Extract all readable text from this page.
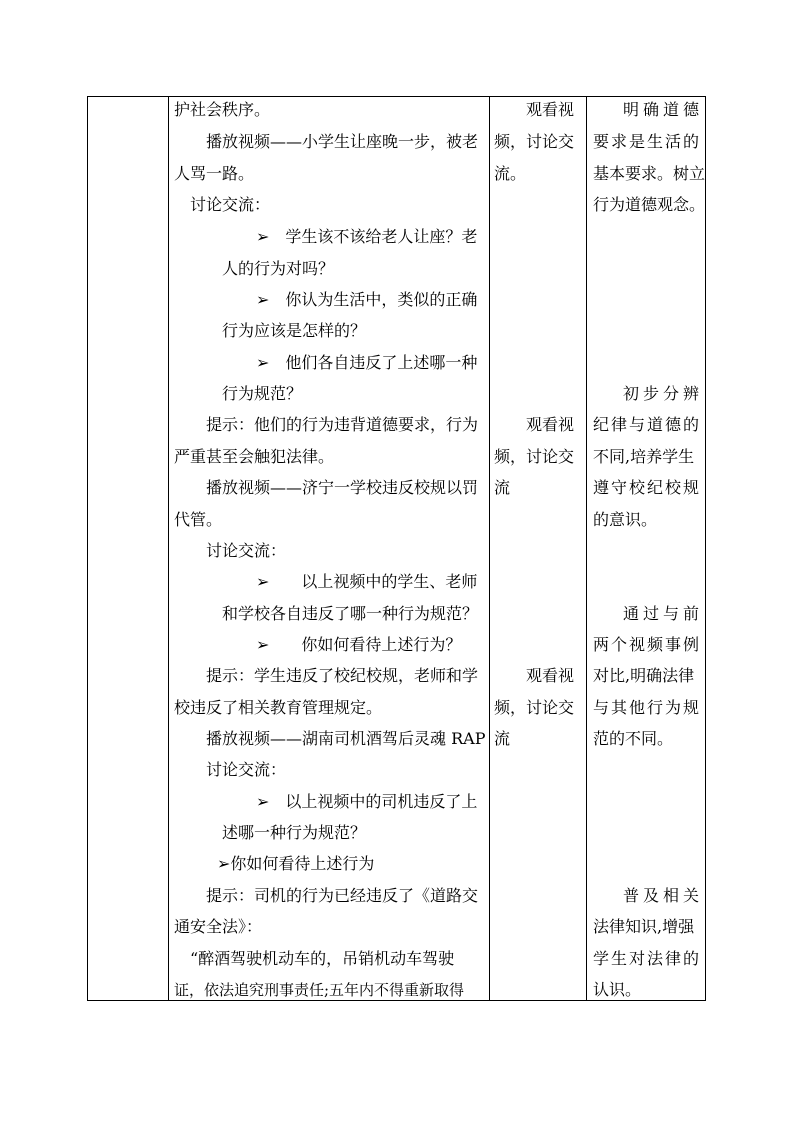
护社会秩序。
播放视频——小学生让座晚一步，被老
人骂一路。
讨论交流：
➢　学生该不该给老人让座？老
人的行为对吗？
➢　你认为生活中，类似的正确
行为应该是怎样的？
➢　他们各自违反了上述哪一种
行为规范？
提示：他们的行为违背道德要求，行为
严重甚至会触犯法律。
播放视频——济宁一学校违反校规以罚
代管。
讨论交流：
➢　　以上视频中的学生、老师
和学校各自违反了哪一种行为规范？
➢　　你如何看待上述行为？
提示：学生违反了校纪校规，老师和学
校违反了相关教育管理规定。
播放视频——湖南司机酒驾后灵魂 RAP
讨论交流：
➢　以上视频中的司机违反了上
述哪一种行为规范？
➢你如何看待上述行为
提示：司机的行为已经违反了《道路交
通安全法》：
“醉酒驾驶机动车的，吊销机动车驾驶
证，依法追究刑事责任;五年内不得重新取得
观看视
频，讨论交
流。
观看视
频，讨论交
流
观看视
频，讨论交
流
明确道德
要求是生活的
基本要求。树立
行为道德观念。
初步分辨
纪律与道德的
不同,培养学生
遵守校纪校规
的意识。
通过与前
两个视频事例
对比,明确法律
与其他行为规
范的不同。
普及相关
法律知识,增强
学生对法律的
认识。
